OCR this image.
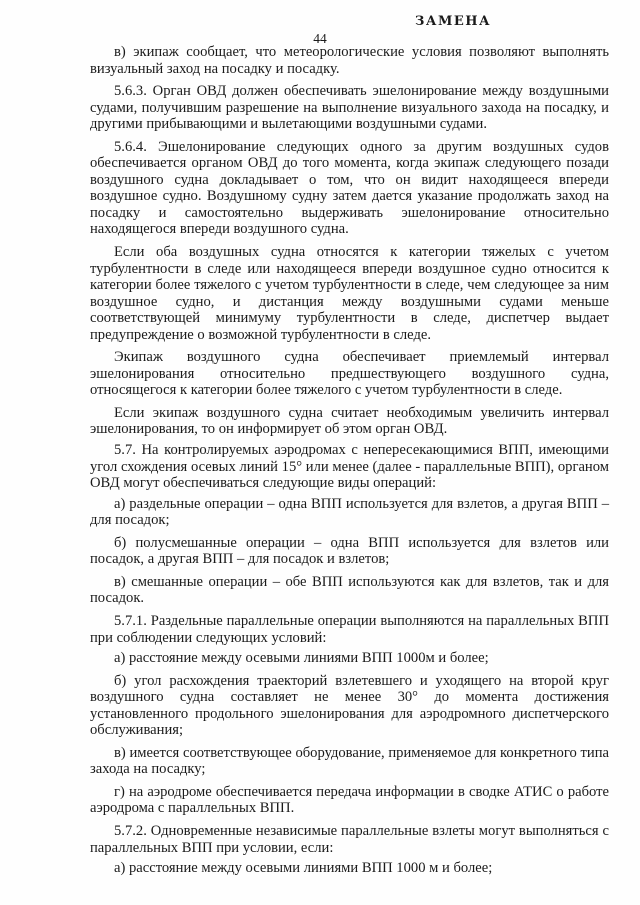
ЗАМЕНА
44

в) экипаж сообщает, что метеорологические условия позволяют выполнять визуальный заход на посадку и посадку.

5.6.3. Орган ОВД должен обеспечивать эшелонирование между воздушными судами, получившим разрешение на выполнение визуального захода на посадку, и другими прибывающими и вылетающими воздушными судами.

5.6.4. Эшелонирование следующих одного за другим воздушных судов обеспечивается органом ОВД до того момента, когда экипаж следующего позади воздушного судна докладывает о том, что он видит находящееся впереди воздушное судно. Воздушному судну затем дается указание продолжать заход на посадку и самостоятельно выдерживать эшелонирование относительно находящегося впереди воздушного судна.

Если оба воздушных судна относятся к категории тяжелых с учетом турбулентности в следе или находящееся впереди воздушное судно относится к категории более тяжелого с учетом турбулентности в следе, чем следующее за ним воздушное судно, и дистанция между воздушными судами меньше соответствующей минимуму турбулентности в следе, диспетчер выдает предупреждение о возможной турбулентности в следе.

Экипаж воздушного судна обеспечивает приемлемый интервал эшелонирования относительно предшествующего воздушного судна, относящегося к категории более тяжелого с учетом турбулентности в следе.

Если экипаж воздушного судна считает необходимым увеличить интервал эшелонирования, то он информирует об этом орган ОВД.

5.7. На контролируемых аэродромах с непересекающимися ВПП, имеющими угол схождения осевых линий 15° или менее (далее - параллельные ВПП), органом ОВД могут обеспечиваться следующие виды операций:

а) раздельные операции – одна ВПП используется для взлетов, а другая ВПП – для посадок;

б) полусмешанные операции – одна ВПП используется для взлетов или посадок, а другая ВПП – для посадок и взлетов;

в) смешанные операции – обе ВПП используются как для взлетов, так и для посадок.

5.7.1. Раздельные параллельные операции выполняются на параллельных ВПП при соблюдении следующих условий:

а) расстояние между осевыми линиями ВПП 1000м и более;

б) угол расхождения траекторий взлетевшего и уходящего на второй круг воздушного судна составляет не менее 30° до момента достижения установленного продольного эшелонирования для аэродромного диспетчерского обслуживания;

в) имеется соответствующее оборудование, применяемое для конкретного типа захода на посадку;

г) на аэродроме обеспечивается передача информации в сводке АТИС о работе аэродрома с параллельных ВПП.

5.7.2. Одновременные независимые параллельные взлеты могут выполняться с параллельных ВПП при условии, если:

а) расстояние между осевыми линиями ВПП 1000 м и более;
